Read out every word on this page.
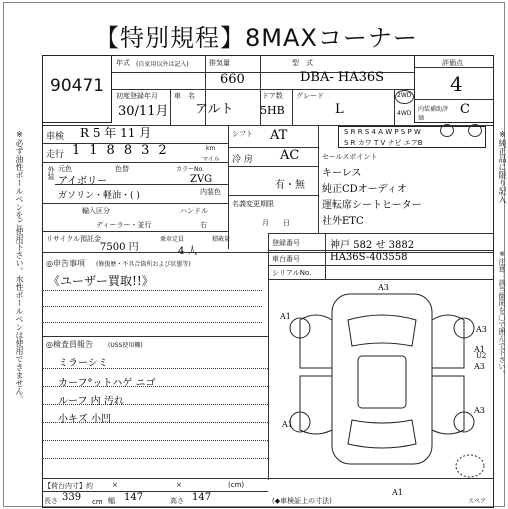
【特別規程】8MAXコーナー
90471
年式 (自家用以外は記入)	排気量
660
型　式
DBA- HA36S
評価点
4
内装補助評価
C
初度登録年月
30/11月
車　名
アルト
ドア数
5HB
グレード
L
2WD
4WD
車検 R 5 年 11 月
走行 118832	km
マイル
外装 元色
アイボリー
色替	カラーNo.
ZVG
ガソリン・軽油・( )	内装色
輸入区分	ハンドル
ディーラー・並行	右
リサイクル預託金
7500 円
乗車定員
4 人
積載量
シフト AT
冷 房 AC
有・無
名義変更期限
月日
S R R S 4 A W P S P W
S R カワ T V ナビ エアB
セールスポイント
キーレス
純正CDオーディオ
運転席シートヒーター
社外ETC
登録番号	神戸 582 せ 3882
車台番号	HA36S-403558
シリアルNo.
◎申告事項 (修復歴・不具合箇所および状態等)
《ユーザー買取!!》
◎検査員報告	(USS使用欄)
ミラーシミ
カーフ°ットハゲ ニゴ
ルーフ 内 汚れ
小キズ 小凹
【荷台内寸】約	×	×	(cm)
長さ 339	幅 147	高さ 147
cm	(◆車検証上の寸法)
※必ず油性ボールペンをご使用下さい。水性ボールペンは使用できません。	※純正品に限り記入
※注意：該当箇所を〇で囲んで下さい。
A3
A1
A3
A1
A3
A3
U2
A1
A1
スペア
